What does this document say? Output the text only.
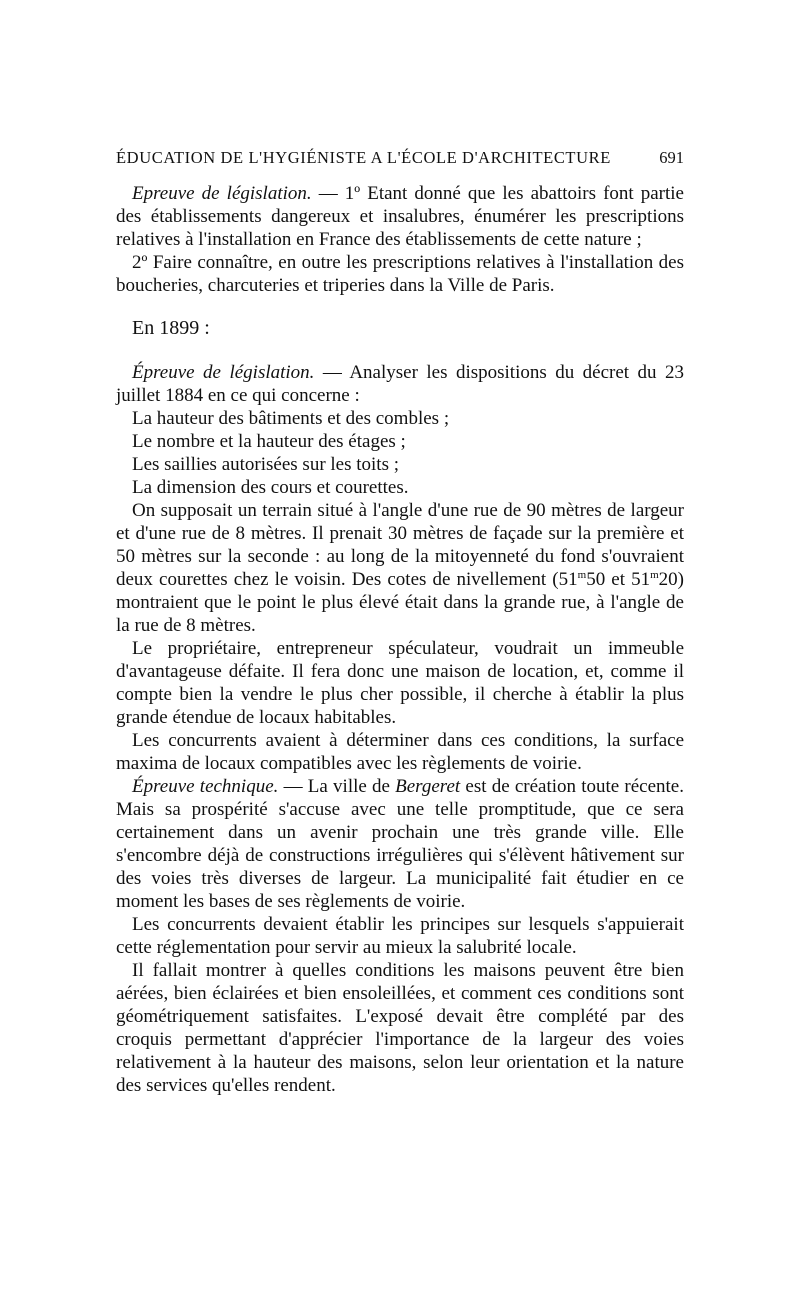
ÉDUCATION DE L'HYGIÉNISTE A L'ÉCOLE D'ARCHITECTURE	691

Epreuve de législation. — 1º Etant donné que les abattoirs font partie des établissements dangereux et insalubres, énumérer les prescriptions relatives à l'installation en France des établissements de cette nature ;

2º Faire connaître, en outre les prescriptions relatives à l'installation des boucheries, charcuteries et triperies dans la Ville de Paris.

En 1899 :

Épreuve de législation. — Analyser les dispositions du décret du 23 juillet 1884 en ce qui concerne :

La hauteur des bâtiments et des combles ;

Le nombre et la hauteur des étages ;

Les saillies autorisées sur les toits ;

La dimension des cours et courettes.

On supposait un terrain situé à l'angle d'une rue de 90 mètres de largeur et d'une rue de 8 mètres. Il prenait 30 mètres de façade sur la première et 50 mètres sur la seconde : au long de la mitoyenneté du fond s'ouvraient deux courettes chez le voisin. Des cotes de nivellement (51$^m$50 et 51$^m$20) montraient que le point le plus élevé était dans la grande rue, à l'angle de la rue de 8 mètres.

Le propriétaire, entrepreneur spéculateur, voudrait un immeuble d'avantageuse défaite. Il fera donc une maison de location, et, comme il compte bien la vendre le plus cher possible, il cherche à établir la plus grande étendue de locaux habitables.

Les concurrents avaient à déterminer dans ces conditions, la surface maxima de locaux compatibles avec les règlements de voirie.

Épreuve technique. — La ville de Bergeret est de création toute récente. Mais sa prospérité s'accuse avec une telle promptitude, que ce sera certainement dans un avenir prochain une très grande ville. Elle s'encombre déjà de constructions irrégulières qui s'élèvent hâtivement sur des voies très diverses de largeur. La municipalité fait étudier en ce moment les bases de ses règlements de voirie.

Les concurrents devaient établir les principes sur lesquels s'appuierait cette réglementation pour servir au mieux la salubrité locale.

Il fallait montrer à quelles conditions les maisons peuvent être bien aérées, bien éclairées et bien ensoleillées, et comment ces conditions sont géométriquement satisfaites. L'exposé devait être complété par des croquis permettant d'apprécier l'importance de la largeur des voies relativement à la hauteur des maisons, selon leur orientation et la nature des services qu'elles rendent.
